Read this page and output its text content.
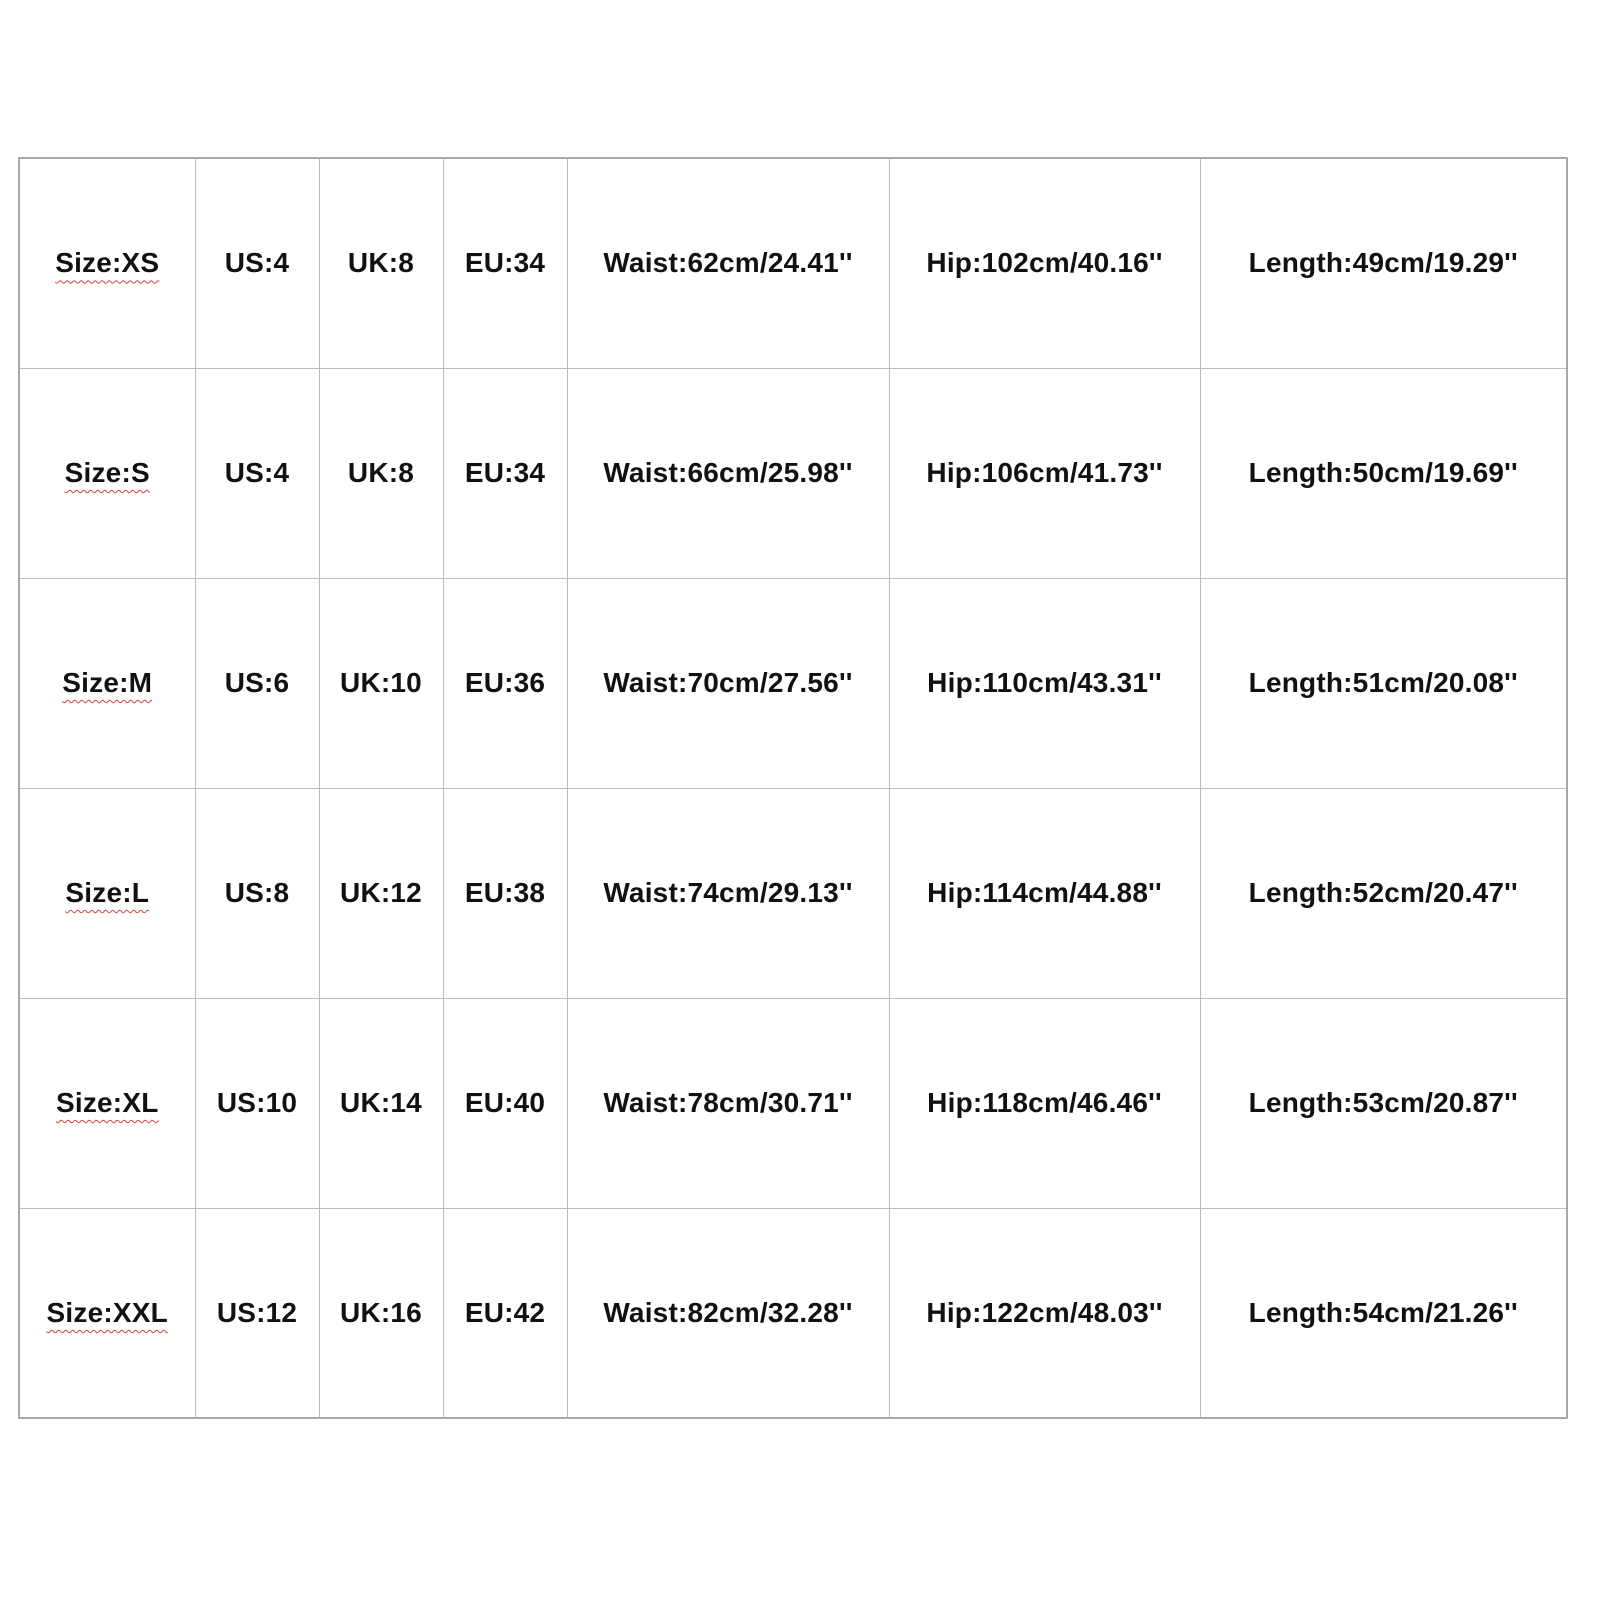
Size:XS	US:4	UK:8	EU:34	Waist:62cm/24.41''	Hip:102cm/40.16''	Length:49cm/19.29''
Size:S	US:4	UK:8	EU:34	Waist:66cm/25.98''	Hip:106cm/41.73''	Length:50cm/19.69''
Size:M	US:6	UK:10	EU:36	Waist:70cm/27.56''	Hip:110cm/43.31''	Length:51cm/20.08''
Size:L	US:8	UK:12	EU:38	Waist:74cm/29.13''	Hip:114cm/44.88''	Length:52cm/20.47''
Size:XL	US:10	UK:14	EU:40	Waist:78cm/30.71''	Hip:118cm/46.46''	Length:53cm/20.87''
Size:XXL	US:12	UK:16	EU:42	Waist:82cm/32.28''	Hip:122cm/48.03''	Length:54cm/21.26''
